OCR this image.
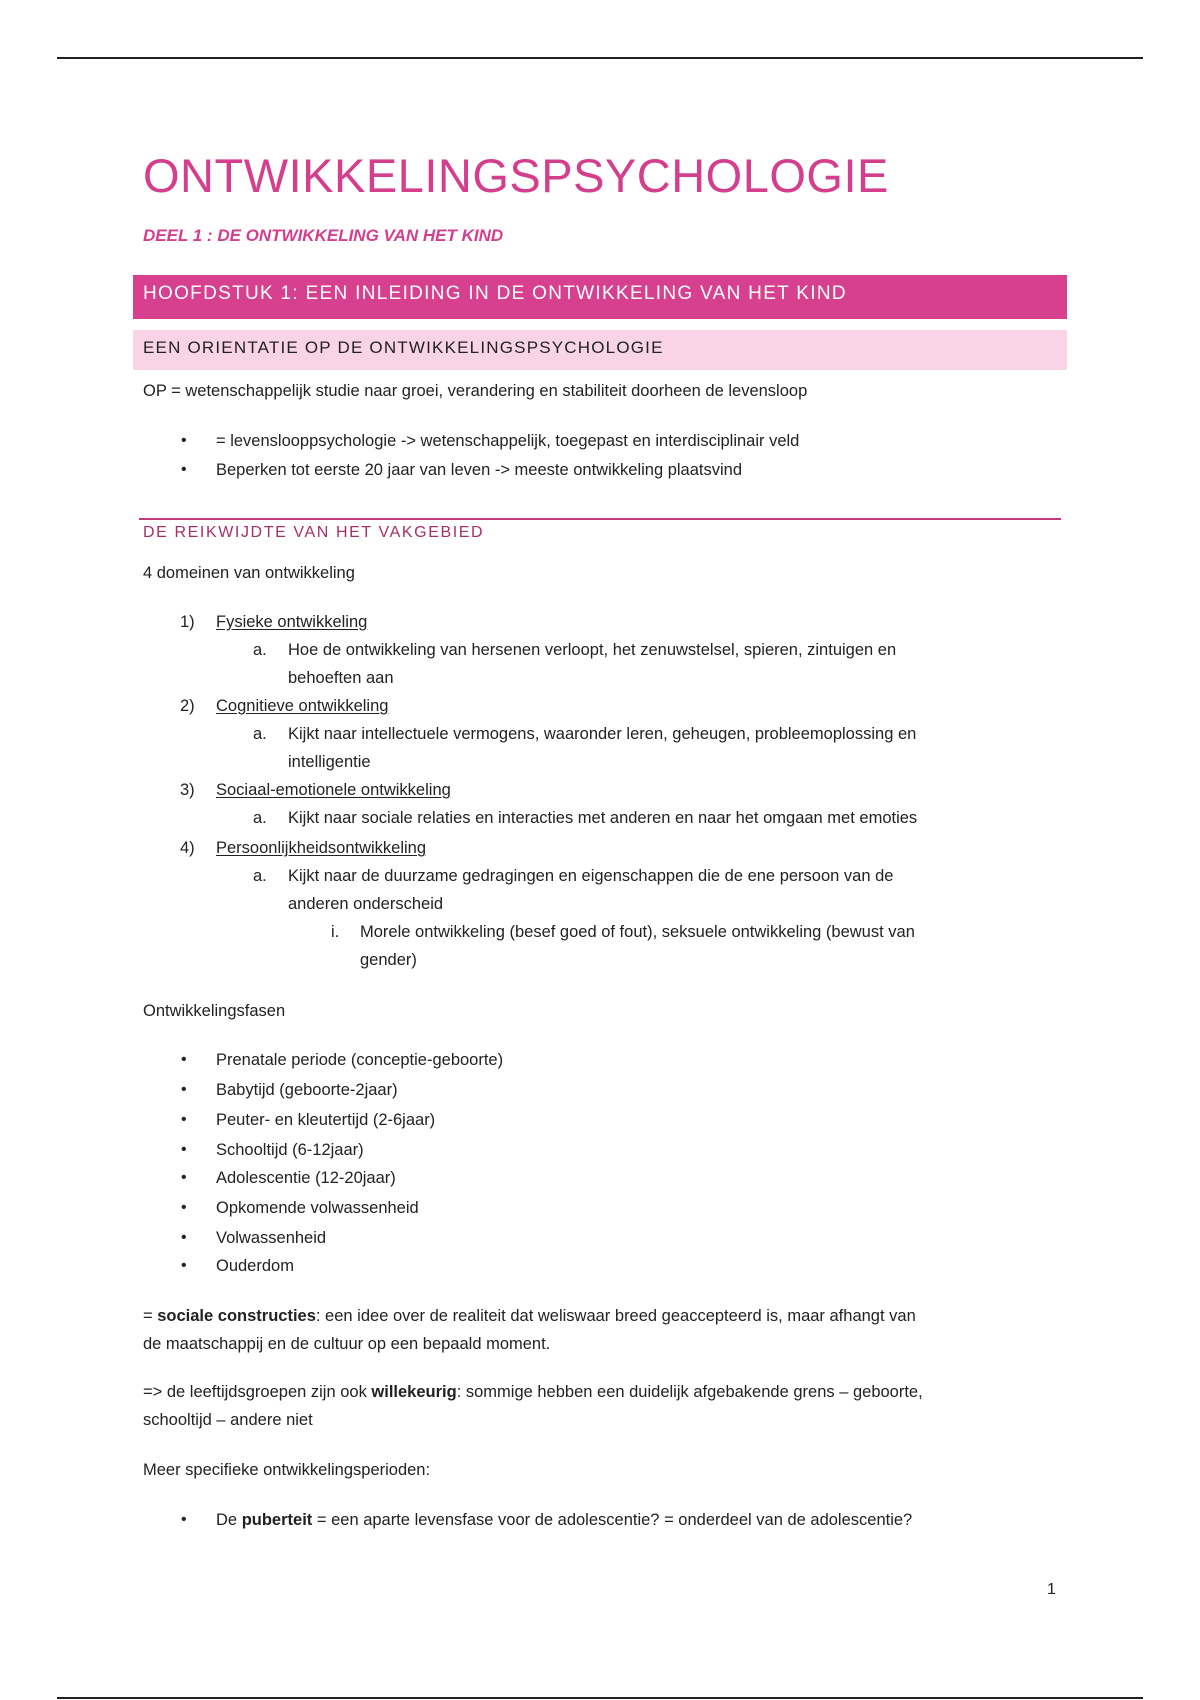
ONTWIKKELINGSPSYCHOLOGIE
DEEL 1 : DE ONTWIKKELING VAN HET KIND
HOOFDSTUK 1: EEN INLEIDING IN DE ONTWIKKELING VAN HET KIND
EEN ORIENTATIE OP DE ONTWIKKELINGSPSYCHOLOGIE
OP = wetenschappelijk studie naar groei, verandering en stabiliteit doorheen de levensloop
• = levenslooppsychologie -> wetenschappelijk, toegepast en interdisciplinair veld
• Beperken tot eerste 20 jaar van leven -> meeste ontwikkeling plaatsvind
DE REIKWIJDTE VAN HET VAKGEBIED
4 domeinen van ontwikkeling
1) Fysieke ontwikkeling
a. Hoe de ontwikkeling van hersenen verloopt, het zenuwstelsel, spieren, zintuigen en
behoeften aan
2) Cognitieve ontwikkeling
a. Kijkt naar intellectuele vermogens, waaronder leren, geheugen, probleemoplossing en
intelligentie
3) Sociaal-emotionele ontwikkeling
a. Kijkt naar sociale relaties en interacties met anderen en naar het omgaan met emoties
4) Persoonlijkheidsontwikkeling
a. Kijkt naar de duurzame gedragingen en eigenschappen die de ene persoon van de
anderen onderscheid
i. Morele ontwikkeling (besef goed of fout), seksuele ontwikkeling (bewust van
gender)
Ontwikkelingsfasen
• Prenatale periode (conceptie-geboorte)
• Babytijd (geboorte-2jaar)
• Peuter- en kleutertijd (2-6jaar)
• Schooltijd (6-12jaar)
• Adolescentie (12-20jaar)
• Opkomende volwassenheid
• Volwassenheid
• Ouderdom
= sociale constructies: een idee over de realiteit dat weliswaar breed geaccepteerd is, maar afhangt van
de maatschappij en de cultuur op een bepaald moment.
=> de leeftijdsgroepen zijn ook willekeurig: sommige hebben een duidelijk afgebakende grens – geboorte,
schooltijd – andere niet
Meer specifieke ontwikkelingsperioden:
• De puberteit = een aparte levensfase voor de adolescentie? = onderdeel van de adolescentie?
1
